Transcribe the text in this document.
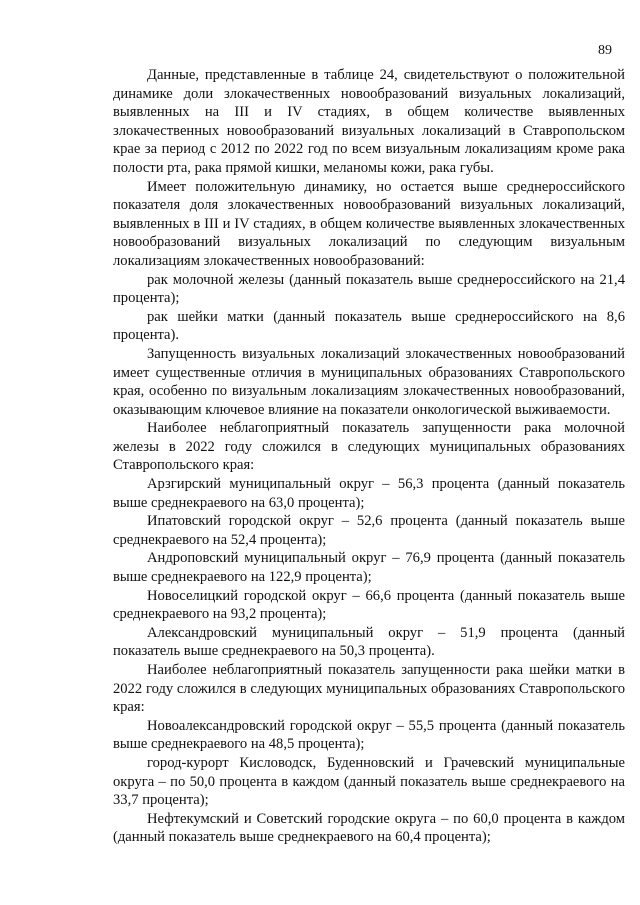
89

Данные, представленные в таблице 24, свидетельствуют о положительной динамике доли злокачественных новообразований визуальных локализаций, выявленных на III и IV стадиях, в общем количестве выявленных злокачественных новообразований визуальных локализаций в Ставропольском крае за период с 2012 по 2022 год по всем визуальным локализациям кроме рака полости рта, рака прямой кишки, меланомы кожи, рака губы.

Имеет положительную динамику, но остается выше среднероссийского показателя доля злокачественных новообразований визуальных локализаций, выявленных в III и IV стадиях, в общем количестве выявленных злокачественных новообразований визуальных локализаций по следующим визуальным локализациям злокачественных новообразований:

рак молочной железы (данный показатель выше среднероссийского на 21,4 процента);

рак шейки матки (данный показатель выше среднероссийского на 8,6 процента).

Запущенность визуальных локализаций злокачественных новообразований имеет существенные отличия в муниципальных образованиях Ставропольского края, особенно по визуальным локализациям злокачественных новообразований, оказывающим ключевое влияние на показатели онкологической выживаемости.

Наиболее неблагоприятный показатель запущенности рака молочной железы в 2022 году сложился в следующих муниципальных образованиях Ставропольского края:

Арзгирский муниципальный округ – 56,3 процента (данный показатель выше среднекраевого на 63,0 процента);

Ипатовский городской округ – 52,6 процента (данный показатель выше среднекраевого на 52,4 процента);

Андроповский муниципальный округ – 76,9 процента (данный показатель выше среднекраевого на 122,9 процента);

Новоселицкий городской округ – 66,6 процента (данный показатель выше среднекраевого на 93,2 процента);

Александровский муниципальный округ – 51,9 процента (данный показатель выше среднекраевого на 50,3 процента).

Наиболее неблагоприятный показатель запущенности рака шейки матки в 2022 году сложился в следующих муниципальных образованиях Ставропольского края:

Новоалександровский городской округ – 55,5 процента (данный показатель выше среднекраевого на 48,5 процента);

город-курорт Кисловодск, Буденновский и Грачевский муниципальные округа – по 50,0 процента в каждом (данный показатель выше среднекраевого на 33,7 процента);

Нефтекумский и Советский городские округа – по 60,0 процента в каждом (данный показатель выше среднекраевого на 60,4 процента);
